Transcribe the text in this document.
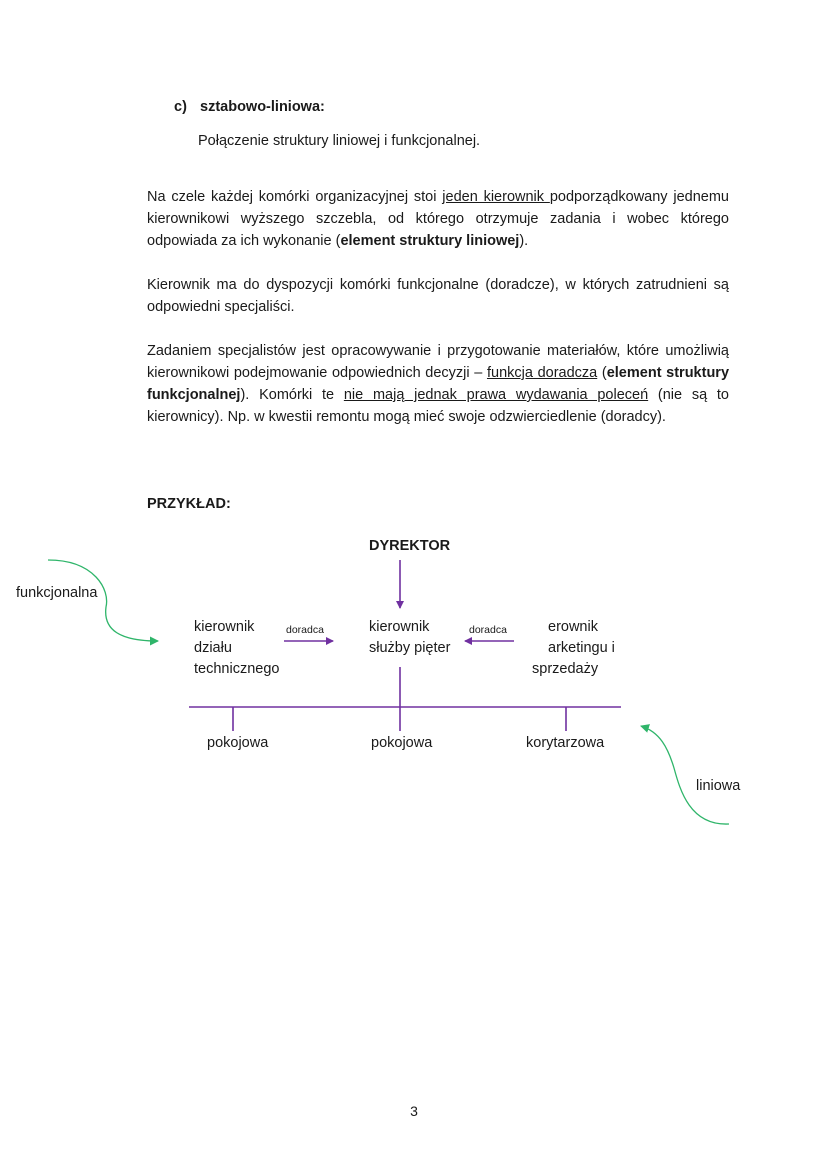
c) sztabowo-liniowa:
Połączenie struktury liniowej i funkcjonalnej.

Na czele każdej komórki organizacyjnej stoi jeden kierownik podporządkowany jednemu kierownikowi wyższego szczebla, od którego otrzymuje zadania i wobec którego odpowiada za ich wykonanie (element struktury liniowej).

Kierownik ma do dyspozycji komórki funkcjonalne (doradcze), w których zatrudnieni są odpowiedni specjaliści.

Zadaniem specjalistów jest opracowywanie i przygotowanie materiałów, które umożliwią kierownikowi podejmowanie odpowiednich decyzji – funkcja doradcza (element struktury funkcjonalnej). Komórki te nie mają jednak prawa wydawania poleceń (nie są to kierownicy). Np. w kwestii remontu mogą mieć swoje odzwierciedlenie (doradcy).

PRZYKŁAD:
DYREKTOR
kierownik
działu
technicznego
kierownik
służby pięter
erownik
arketingu i
sprzedaży
doradca	doradca
pokojowa	pokojowa	korytarzowa
funkcjonalna
liniowa
3
